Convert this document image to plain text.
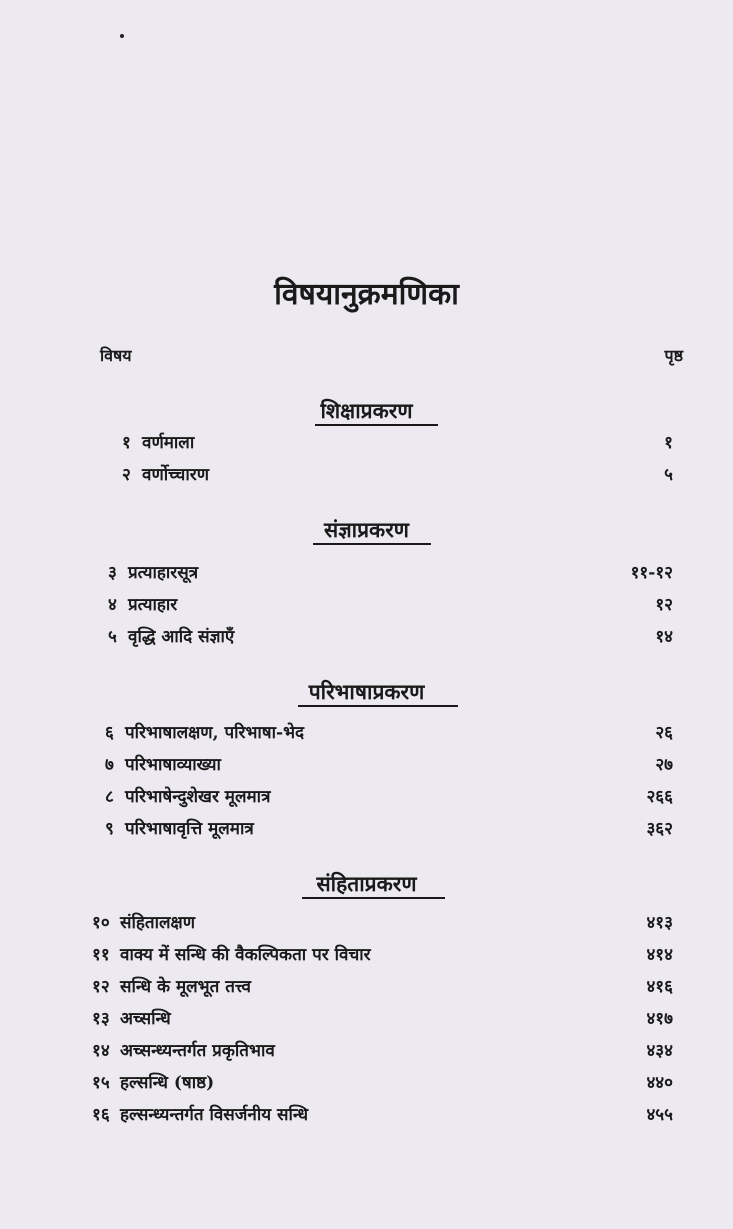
विषयानुक्रमणिका
विषय	पृष्ठ
शिक्षाप्रकरण
१ वर्णमाला	१
२ वर्णोच्चारण	५
संज्ञाप्रकरण
३ प्रत्याहारसूत्र	११-१२
४ प्रत्याहार	१२
५ वृद्धि आदि संज्ञाएँ	१४
परिभाषाप्रकरण
६ परिभाषालक्षण, परिभाषा-भेद	२६
७ परिभाषाव्याख्या	२७
८ परिभाषेन्दुशेखर मूलमात्र	२६६
९ परिभाषावृत्ति मूलमात्र	३६२
संहिताप्रकरण
१० संहितालक्षण	४१३
११ वाक्य में सन्धि की वैकल्पिकता पर विचार	४१४
१२ सन्धि के मूलभूत तत्त्व	४१६
१३ अच्सन्धि	४१७
१४ अच्सन्ध्यन्तर्गत प्रकृतिभाव	४३४
१५ हल्सन्धि (षाष्ठ)	४४०
१६ हल्सन्ध्यन्तर्गत विसर्जनीय सन्धि	४५५
